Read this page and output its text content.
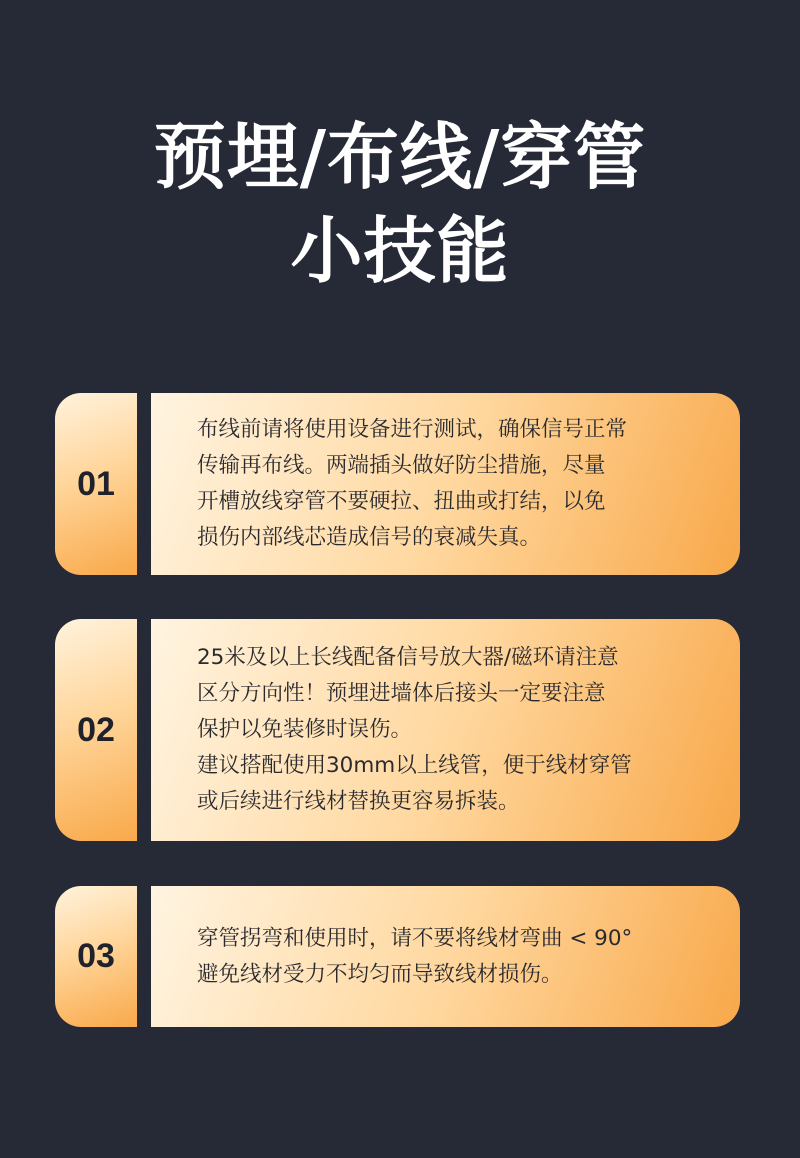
预埋/布线/穿管
小技能
01
布线前请将使用设备进行测试，确保信号正常
传输再布线。两端插头做好防尘措施，尽量
开槽放线穿管不要硬拉、扭曲或打结，以免
损伤内部线芯造成信号的衰减失真。
02
25米及以上长线配备信号放大器/磁环请注意
区分方向性！预埋进墙体后接头一定要注意
保护以免装修时误伤。
建议搭配使用30mm以上线管，便于线材穿管
或后续进行线材替换更容易拆装。
03	穿管拐弯和使用时，请不要将线材弯曲 < 90°
避免线材受力不均匀而导致线材损伤。
